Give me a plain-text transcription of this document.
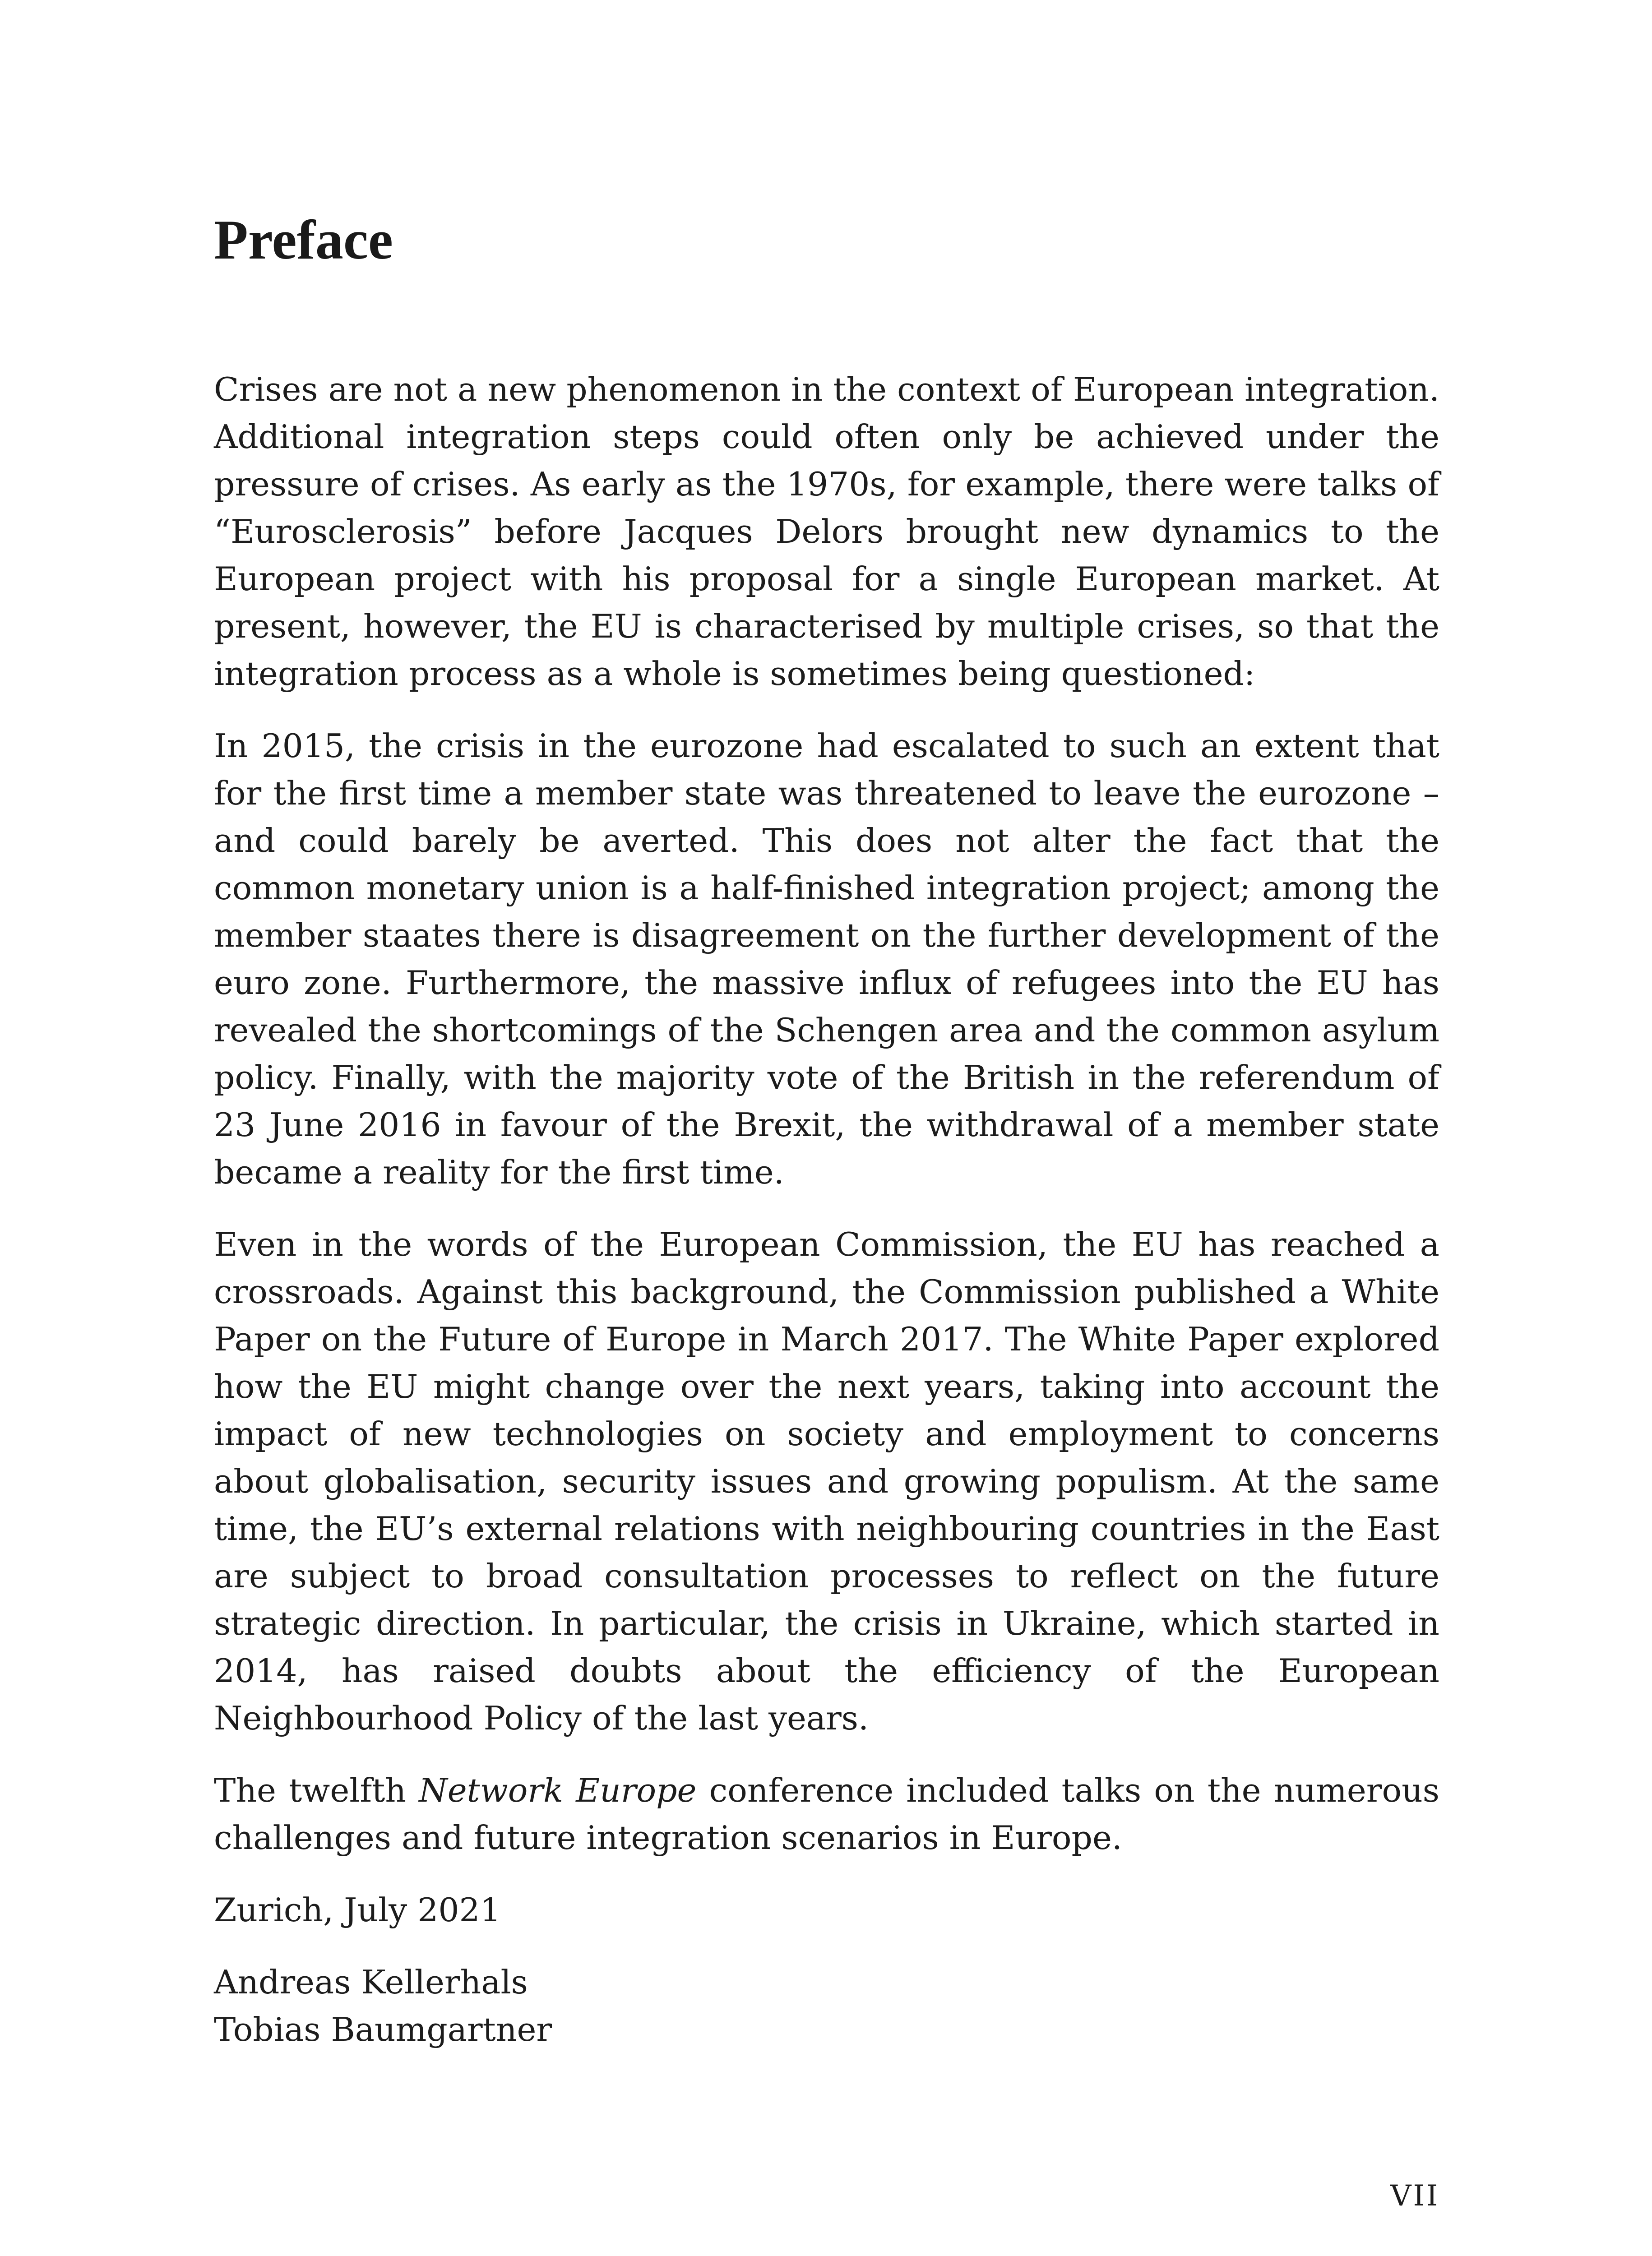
Preface

Crises are not a new phenomenon in the context of European integration. Additional integration steps could often only be achieved under the pressure of crises. As early as the 1970s, for example, there were talks of “Eurosclerosis” before Jacques Delors brought new dynamics to the European project with his proposal for a single European market. At present, however, the EU is characterised by multiple crises, so that the integration process as a whole is sometimes being questioned:

In 2015, the crisis in the eurozone had escalated to such an extent that for the first time a member state was threatened to leave the eurozone – and could barely be averted. This does not alter the fact that the common monetary union is a half-finished integration project; among the member staates there is disagreement on the further development of the euro zone. Furthermore, the massive influx of refugees into the EU has revealed the shortcomings of the Schengen area and the common asylum policy. Finally, with the majority vote of the British in the referendum of 23 June 2016 in favour of the Brexit, the withdrawal of a member state became a reality for the first time.

Even in the words of the European Commission, the EU has reached a crossroads. Against this background, the Commission published a White Paper on the Future of Europe in March 2017. The White Paper explored how the EU might change over the next years, taking into account the impact of new technologies on society and employment to concerns about globalisation, security issues and growing populism. At the same time, the EU’s external relations with neighbouring countries in the East are subject to broad consultation processes to reflect on the future strategic direction. In particular, the crisis in Ukraine, which started in 2014, has raised doubts about the efficiency of the European Neighbourhood Policy of the last years.

The twelfth Network Europe conference included talks on the numerous challenges and future integration scenarios in Europe.

Zurich, July 2021

Andreas Kellerhals
Tobias Baumgartner
VII
